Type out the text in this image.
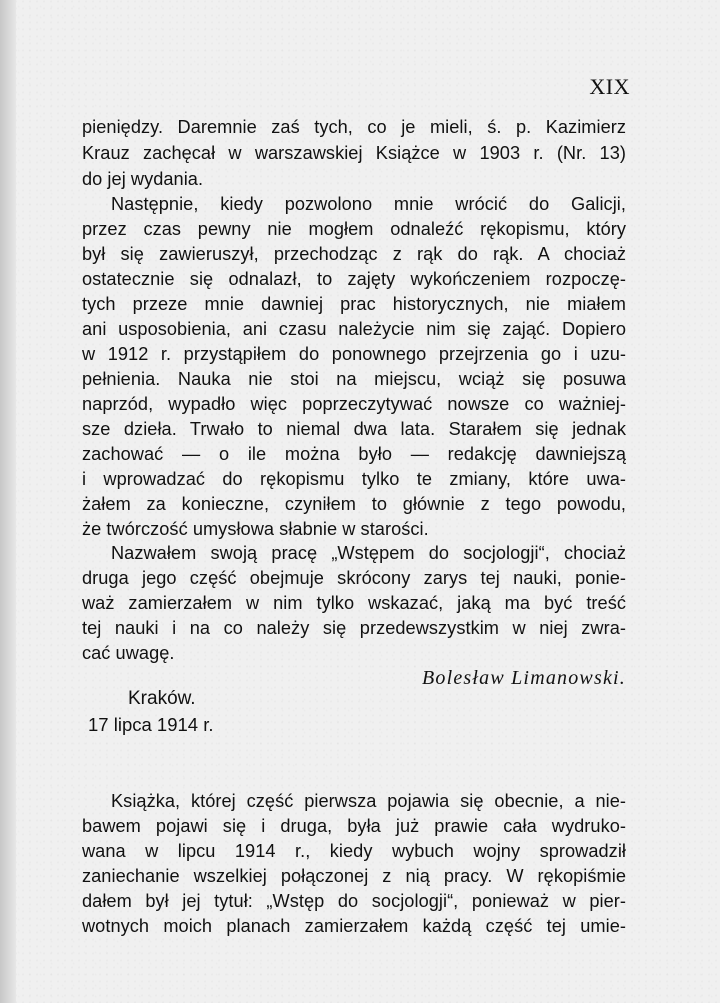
XIX
pieniędzy. Daremnie zaś tych, co je mieli, ś. p. Kazimierz
Krauz zachęcał w warszawskiej Książce w 1903 r. (Nr. 13)
do jej wydania.
Następnie, kiedy pozwolono mnie wrócić do Galicji,
przez czas pewny nie mogłem odnaleźć rękopismu, który
był się zawieruszył, przechodząc z rąk do rąk. A chociaż
ostatecznie się odnalazł, to zajęty wykończeniem rozpoczę-
tych przeze mnie dawniej prac historycznych, nie miałem
ani usposobienia, ani czasu należycie nim się zająć. Dopiero
w 1912 r. przystąpiłem do ponownego przejrzenia go i uzu-
pełnienia. Nauka nie stoi na miejscu, wciąż się posuwa
naprzód, wypadło więc poprzeczytywać nowsze co ważniej-
sze dzieła. Trwało to niemal dwa lata. Starałem się jednak
zachować — o ile można było — redakcję dawniejszą
i wprowadzać do rękopismu tylko te zmiany, które uwa-
żałem za konieczne, czyniłem to głównie z tego powodu,
że twórczość umysłowa słabnie w starości.
Nazwałem swoją pracę „Wstępem do socjologji“, chociaż
druga jego część obejmuje skrócony zarys tej nauki, ponie-
waż zamierzałem w nim tylko wskazać, jaką ma być treść
tej nauki i na co należy się przedewszystkim w niej zwra-
cać uwagę.
Bolesław Limanowski.
Kraków.
17 lipca 1914 r.
Książka, której część pierwsza pojawia się obecnie, a nie-
bawem pojawi się i druga, była już prawie cała wydruko-
wana w lipcu 1914 r., kiedy wybuch wojny sprowadził
zaniechanie wszelkiej połączonej z nią pracy. W rękopiśmie
dałem był jej tytuł: „Wstęp do socjologji“, ponieważ w pier-
wotnych moich planach zamierzałem każdą część tej umie-
